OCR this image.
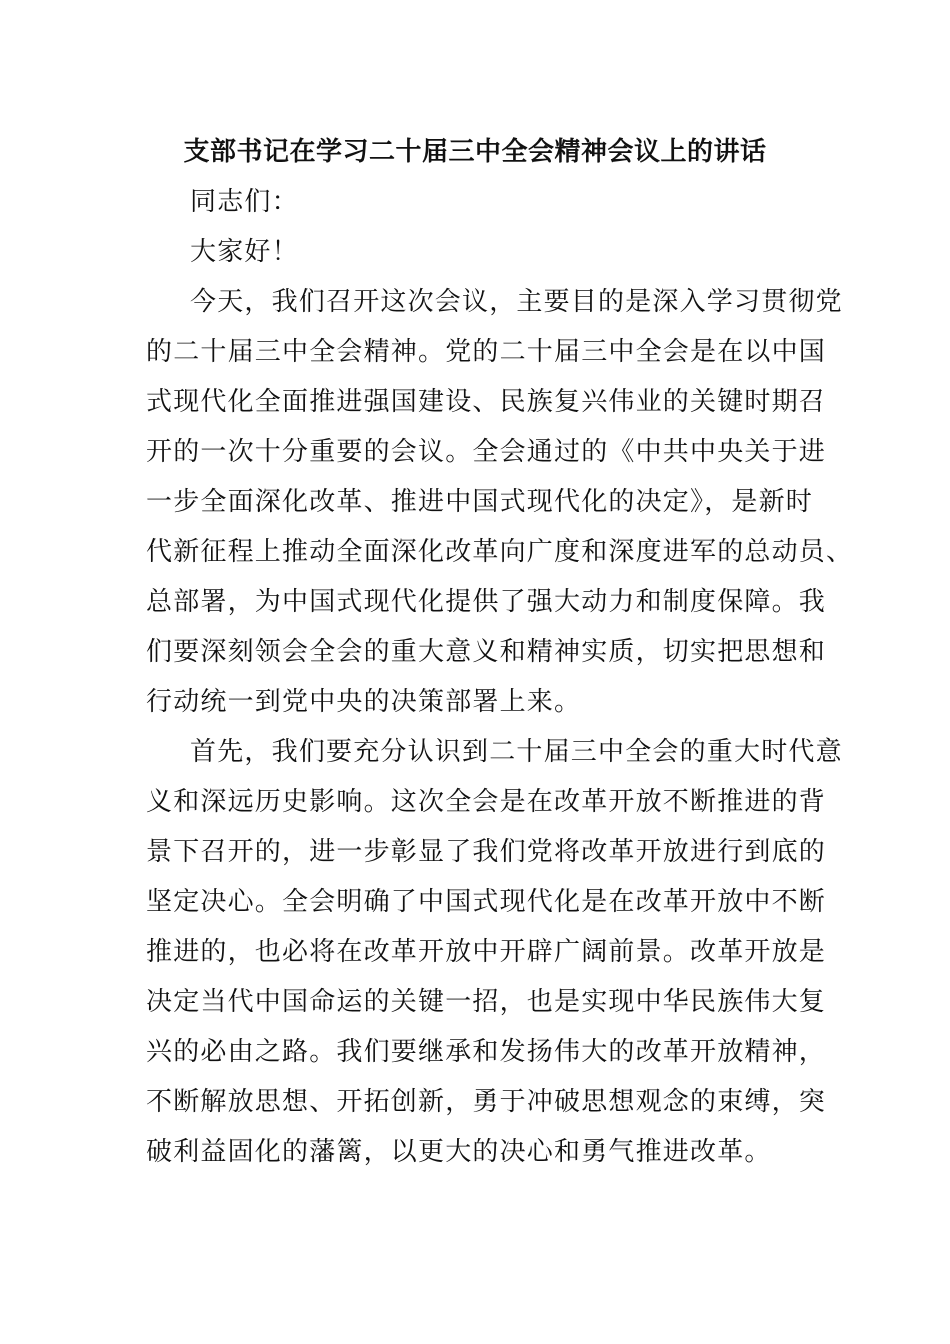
支部书记在学习二十届三中全会精神会议上的讲话
同志们：
大家好！
今天，我们召开这次会议，主要目的是深入学习贯彻党
的二十届三中全会精神。党的二十届三中全会是在以中国
式现代化全面推进强国建设、民族复兴伟业的关键时期召
开的一次十分重要的会议。全会通过的《中共中央关于进
一步全面深化改革、推进中国式现代化的决定》，是新时
代新征程上推动全面深化改革向广度和深度进军的总动员、
总部署，为中国式现代化提供了强大动力和制度保障。我
们要深刻领会全会的重大意义和精神实质，切实把思想和
行动统一到党中央的决策部署上来。
首先，我们要充分认识到二十届三中全会的重大时代意
义和深远历史影响。这次全会是在改革开放不断推进的背
景下召开的，进一步彰显了我们党将改革开放进行到底的
坚定决心。全会明确了中国式现代化是在改革开放中不断
推进的，也必将在改革开放中开辟广阔前景。改革开放是
决定当代中国命运的关键一招，也是实现中华民族伟大复
兴的必由之路。我们要继承和发扬伟大的改革开放精神，
不断解放思想、开拓创新，勇于冲破思想观念的束缚，突
破利益固化的藩篱，以更大的决心和勇气推进改革。
